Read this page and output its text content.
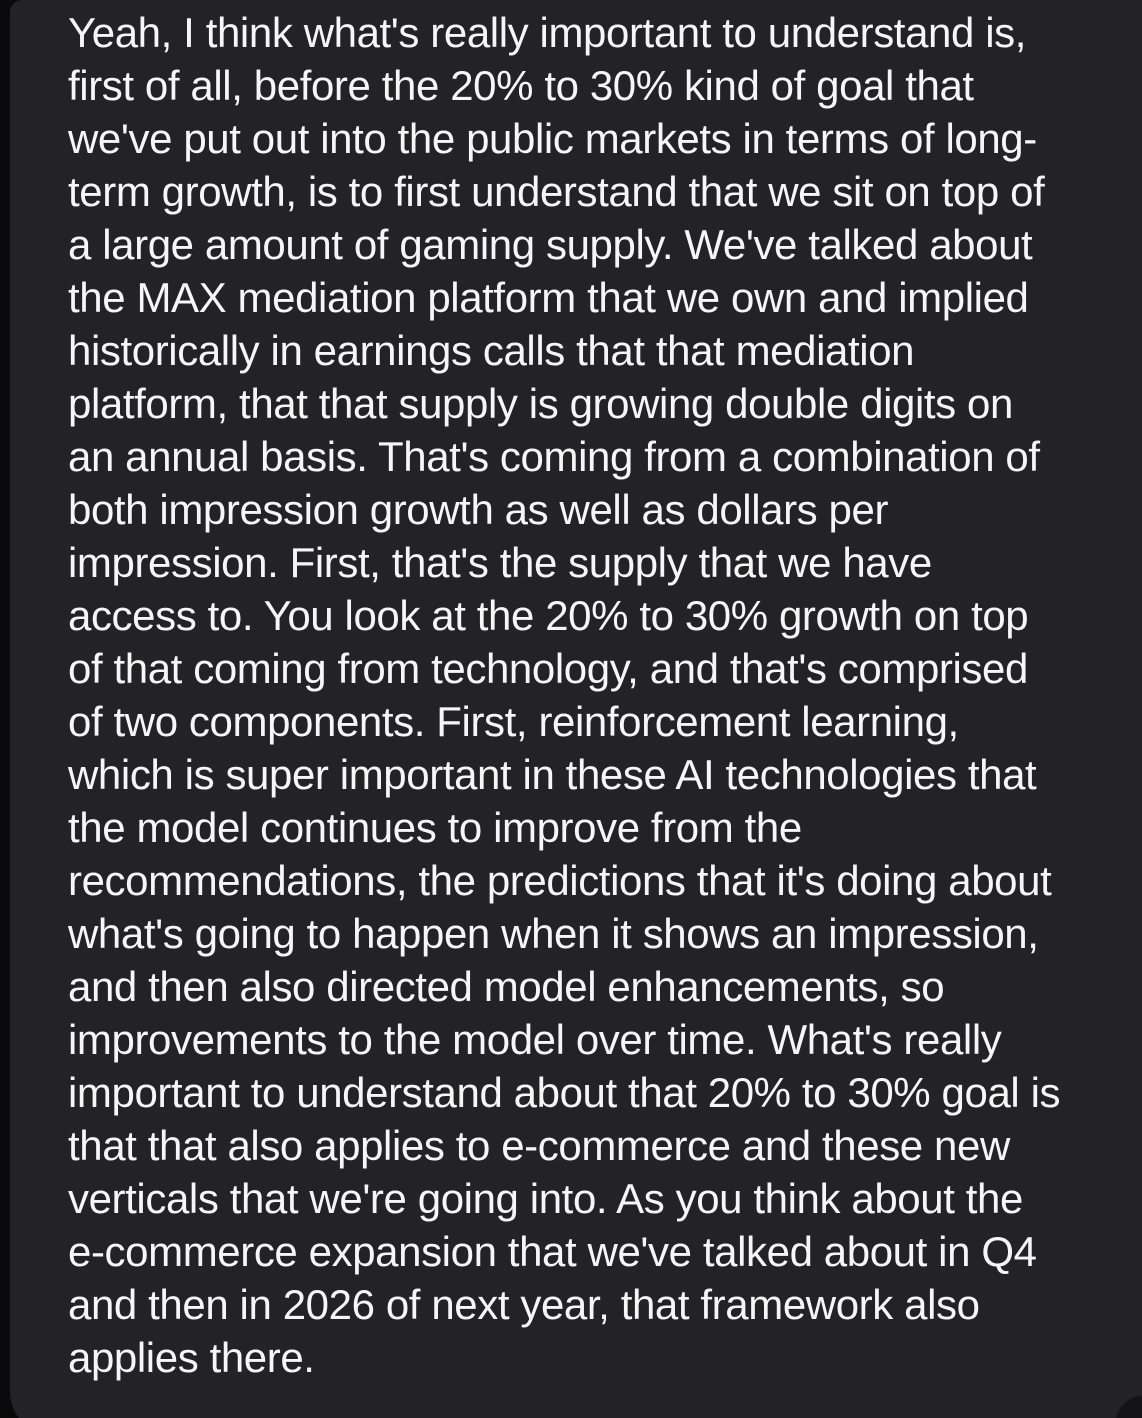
Yeah, I think what's really important to understand is,
first of all, before the 20% to 30% kind of goal that
we've put out into the public markets in terms of long-
term growth, is to first understand that we sit on top of
a large amount of gaming supply. We've talked about
the MAX mediation platform that we own and implied
historically in earnings calls that that mediation
platform, that that supply is growing double digits on
an annual basis. That's coming from a combination of
both impression growth as well as dollars per
impression. First, that's the supply that we have
access to. You look at the 20% to 30% growth on top
of that coming from technology, and that's comprised
of two components. First, reinforcement learning,
which is super important in these AI technologies that
the model continues to improve from the
recommendations, the predictions that it's doing about
what's going to happen when it shows an impression,
and then also directed model enhancements, so
improvements to the model over time. What's really
important to understand about that 20% to 30% goal is
that that also applies to e-commerce and these new
verticals that we're going into. As you think about the
e-commerce expansion that we've talked about in Q4
and then in 2026 of next year, that framework also
applies there.
